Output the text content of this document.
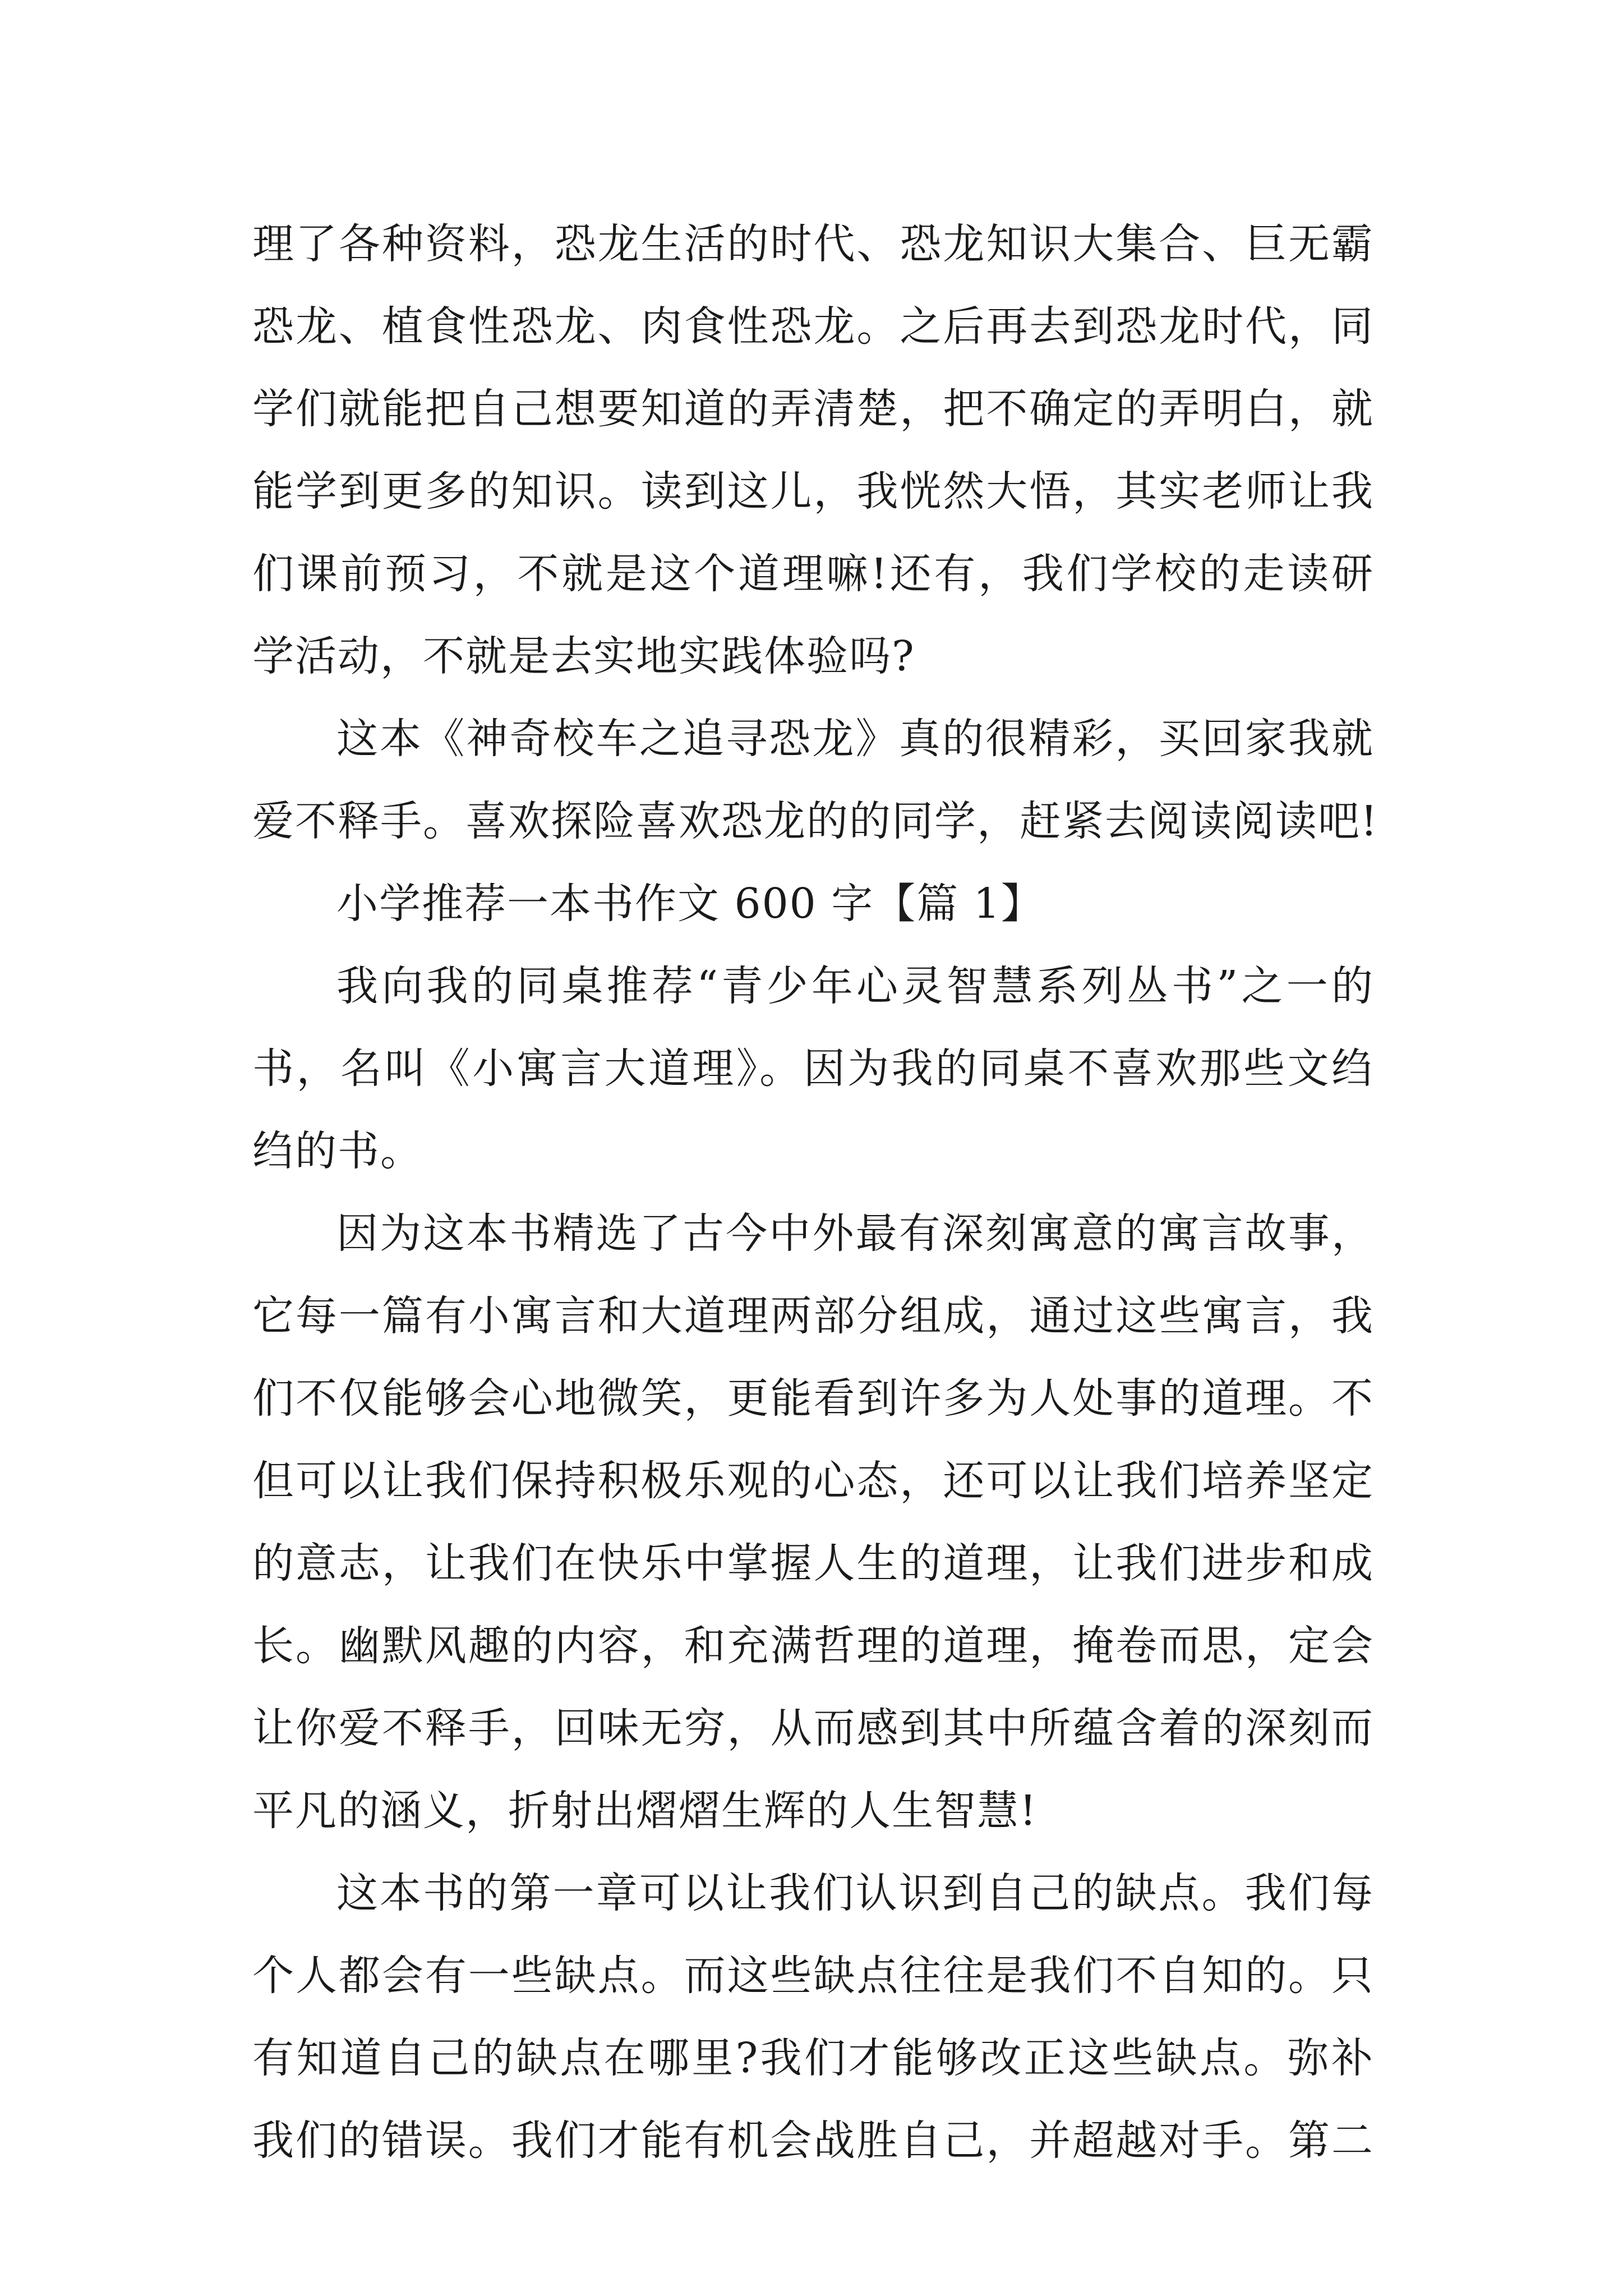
理了各种资料，恐龙生活的时代、恐龙知识大集合、巨无霸
恐龙、植食性恐龙、肉食性恐龙。之后再去到恐龙时代，同
学们就能把自己想要知道的弄清楚，把不确定的弄明白，就
能学到更多的知识。读到这儿，我恍然大悟，其实老师让我
们课前预习，不就是这个道理嘛!还有，我们学校的走读研
学活动，不就是去实地实践体验吗?
这本《神奇校车之追寻恐龙》真的很精彩，买回家我就
爱不释手。喜欢探险喜欢恐龙的的同学，赶紧去阅读阅读吧!
小学推荐一本书作文 600 字【篇 1】
我向我的同桌推荐“青少年心灵智慧系列丛书”之一的
书，名叫《小寓言大道理》。因为我的同桌不喜欢那些文绉
绉的书。
因为这本书精选了古今中外最有深刻寓意的寓言故事，
它每一篇有小寓言和大道理两部分组成，通过这些寓言，我
们不仅能够会心地微笑，更能看到许多为人处事的道理。不
但可以让我们保持积极乐观的心态，还可以让我们培养坚定
的意志，让我们在快乐中掌握人生的道理，让我们进步和成
长。幽默风趣的内容，和充满哲理的道理，掩卷而思，定会
让你爱不释手，回味无穷，从而感到其中所蕴含着的深刻而
平凡的涵义，折射出熠熠生辉的人生智慧!
这本书的第一章可以让我们认识到自己的缺点。我们每
个人都会有一些缺点。而这些缺点往往是我们不自知的。只
有知道自己的缺点在哪里?我们才能够改正这些缺点。弥补
我们的错误。我们才能有机会战胜自己，并超越对手。第二
